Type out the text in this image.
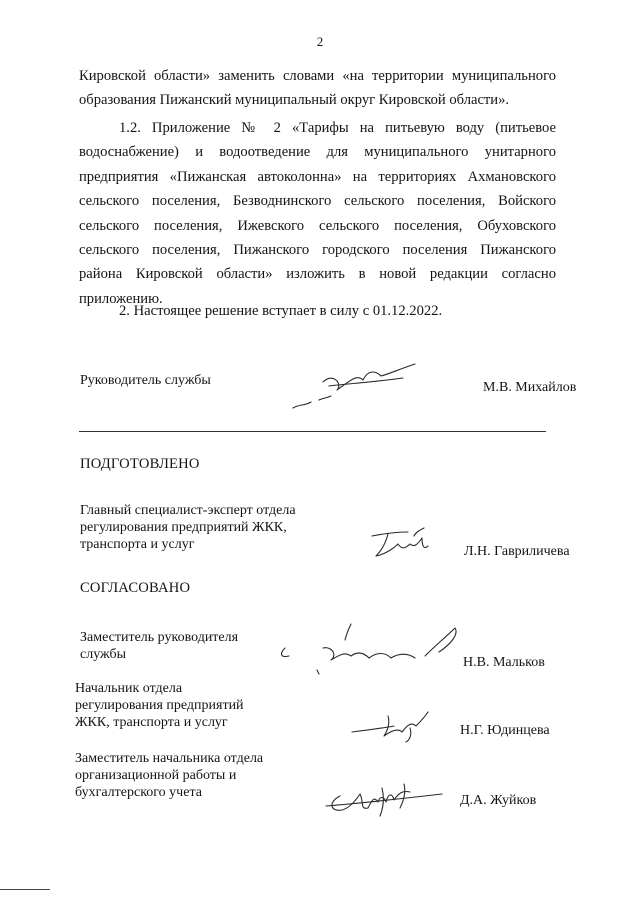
2
Кировской области» заменить словами «на территории муниципального образования Пижанский муниципальный округ Кировской области».
1.2. Приложение № 2 «Тарифы на питьевую воду (питьевое водоснабжение) и водоотведение для муниципального унитарного предприятия «Пижанская автоколонна» на территориях Ахмановского сельского поселения, Безводнинского сельского поселения, Войского сельского поселения, Ижевского сельского поселения, Обуховского сельского поселения, Пижанского городского поселения Пижанского района Кировской области» изложить в новой редакции согласно приложению.
2. Настоящее решение вступает в силу с 01.12.2022.
Руководитель службы	М.В. Михайлов
ПОДГОТОВЛЕНО
Главный специалист-эксперт отдела
регулирования предприятий ЖКК,
транспорта и услуг	Л.Н. Гавриличева
СОГЛАСОВАНО
Заместитель руководителя
службы
Н.В. Мальков
Начальник отдела
регулирования предприятий
ЖКК, транспорта и услуг
Н.Г. Юдинцева
Заместитель начальника отдела
организационной работы и
бухгалтерского учета
Д.А. Жуйков
